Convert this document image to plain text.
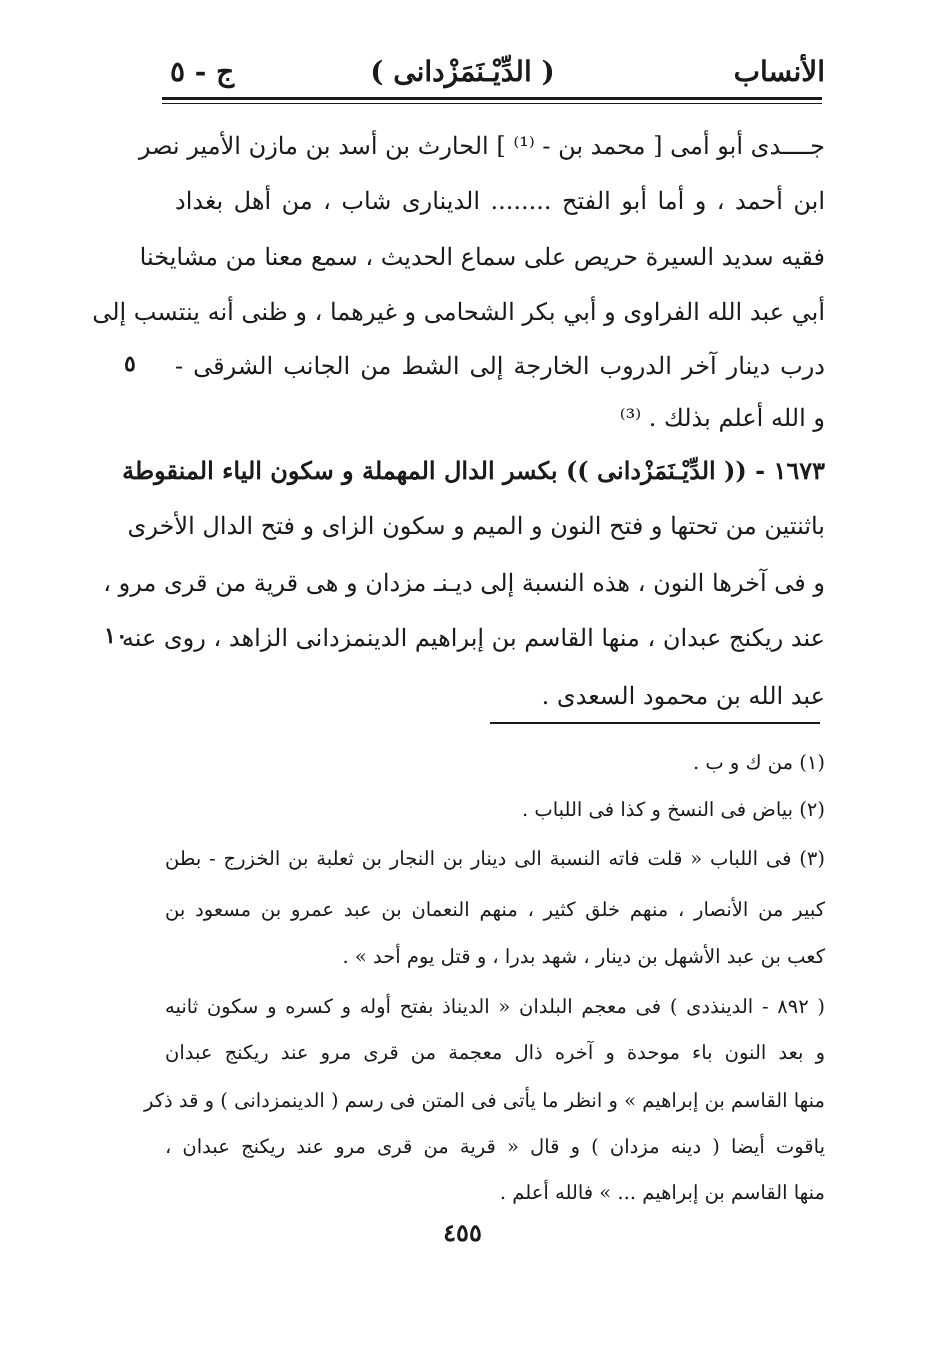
الأنساب
( الدِّيْـنَمَزْدانى )
ج - ٥
جــــدى أبو أمى [ محمد بن - ⁽¹⁾ ] الحارث بن أسد بن مازن الأمير نصر
ابن أحمد ، و أما أبو الفتح ........ الدينارى شاب ، من أهل بغداد
فقيه سديد السيرة حريص على سماع الحديث ، سمع معنا من مشايخنا
أبي عبد الله الفراوى و أبي بكر الشحامى و غيرهما ، و ظنى أنه ينتسب إلى
درب دينار آخر الدروب الخارجة إلى الشط من الجانب الشرقى -
و الله أعلم بذلك . ⁽³⁾
١٦٧٣ - (( الدِّيْـنَمَزْدانى )) بكسر الدال المهملة و سكون الياء المنقوطة
باثنتين من تحتها و فتح النون و الميم و سكون الزاى و فتح الدال الأخرى
و فى آخرها النون ، هذه النسبة إلى ديـنـ مزدان و هى قرية من قرى مرو ،
عند ريكنج عبدان ، منها القاسم بن إبراهيم الدينمزدانى الزاهد ، روى عنه
عبد الله بن محمود السعدى .
٥
١٠
(١) من ك و ب .
(٢) بياض فى النسخ و كذا فى اللباب .
(٣) فى اللباب « قلت فاته النسبة الى دينار بن النجار بن ثعلبة بن الخزرج - بطن
كبير من الأنصار ، منهم خلق كثير ، منهم النعمان بن عبد عمرو بن مسعود بن
كعب بن عبد الأشهل بن دينار ، شهد بدرا ، و قتل يوم أحد » .
( ٨٩٢ - الدينذدى ) فى معجم البلدان « الديناذ بفتح أوله و كسره و سكون ثانيه
و بعد النون باء موحدة و آخره ذال معجمة من قرى مرو عند ريكنج عبدان
منها القاسم بن إبراهيم » و انظر ما يأتى فى المتن فى رسم ( الدينمزدانى ) و قد ذكر
ياقوت أيضا ( دينه مزدان ) و قال « قرية من قرى مرو عند ريكنج عبدان ،
منها القاسم بن إبراهيم ... » فالله أعلم .
٤٥٥
